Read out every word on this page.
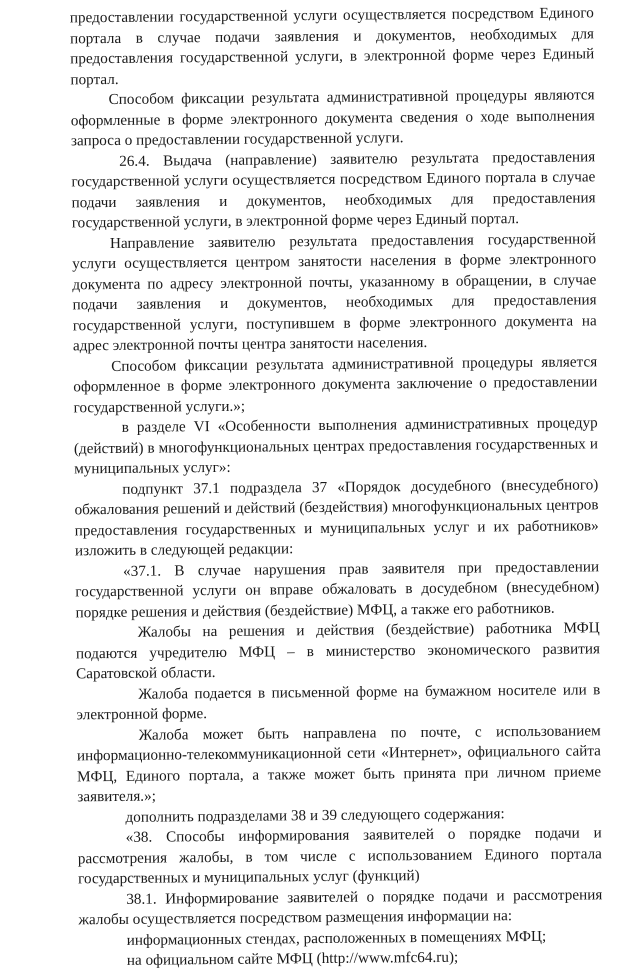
предоставлении государственной услуги осуществляется посредством Единого портала в случае подачи заявления и документов, необходимых для предоставления государственной услуги, в электронной форме через Единый портал.

Способом фиксации результата административной процедуры являются оформленные в форме электронного документа сведения о ходе выполнения запроса о предоставлении государственной услуги.

26.4. Выдача (направление) заявителю результата предоставления государственной услуги осуществляется посредством Единого портала в случае подачи заявления и документов, необходимых для предоставления государственной услуги, в электронной форме через Единый портал.

Направление заявителю результата предоставления государственной услуги осуществляется центром занятости населения в форме электронного документа по адресу электронной почты, указанному в обращении, в случае подачи заявления и документов, необходимых для предоставления государственной услуги, поступившем в форме электронного документа на адрес электронной почты центра занятости населения.

Способом фиксации результата административной процедуры является оформленное в форме электронного документа заключение о предоставлении государственной услуги.»;

в разделе VI «Особенности выполнения административных процедур (действий) в многофункциональных центрах предоставления государственных и муниципальных услуг»:

подпункт 37.1 подраздела 37 «Порядок досудебного (внесудебного) обжалования решений и действий (бездействия) многофункциональных центров предоставления государственных и муниципальных услуг и их работников» изложить в следующей редакции:

«37.1. В случае нарушения прав заявителя при предоставлении государственной услуги он вправе обжаловать в досудебном (внесудебном) порядке решения и действия (бездействие) МФЦ, а также его работников.

Жалобы на решения и действия (бездействие) работника МФЦ подаются учредителю МФЦ – в министерство экономического развития Саратовской области.

Жалоба подается в письменной форме на бумажном носителе или в электронной форме.

Жалоба может быть направлена по почте, с использованием информационно-телекоммуникационной сети «Интернет», официального сайта МФЦ, Единого портала, а также может быть принята при личном приеме заявителя.»;

дополнить подразделами 38 и 39 следующего содержания:

«38. Способы информирования заявителей о порядке подачи и рассмотрения жалобы, в том числе с использованием Единого портала государственных и муниципальных услуг (функций)

38.1. Информирование заявителей о порядке подачи и рассмотрения жалобы осуществляется посредством размещения информации на:

информационных стендах, расположенных в помещениях МФЦ;

на официальном сайте МФЦ (http://www.mfc64.ru);
